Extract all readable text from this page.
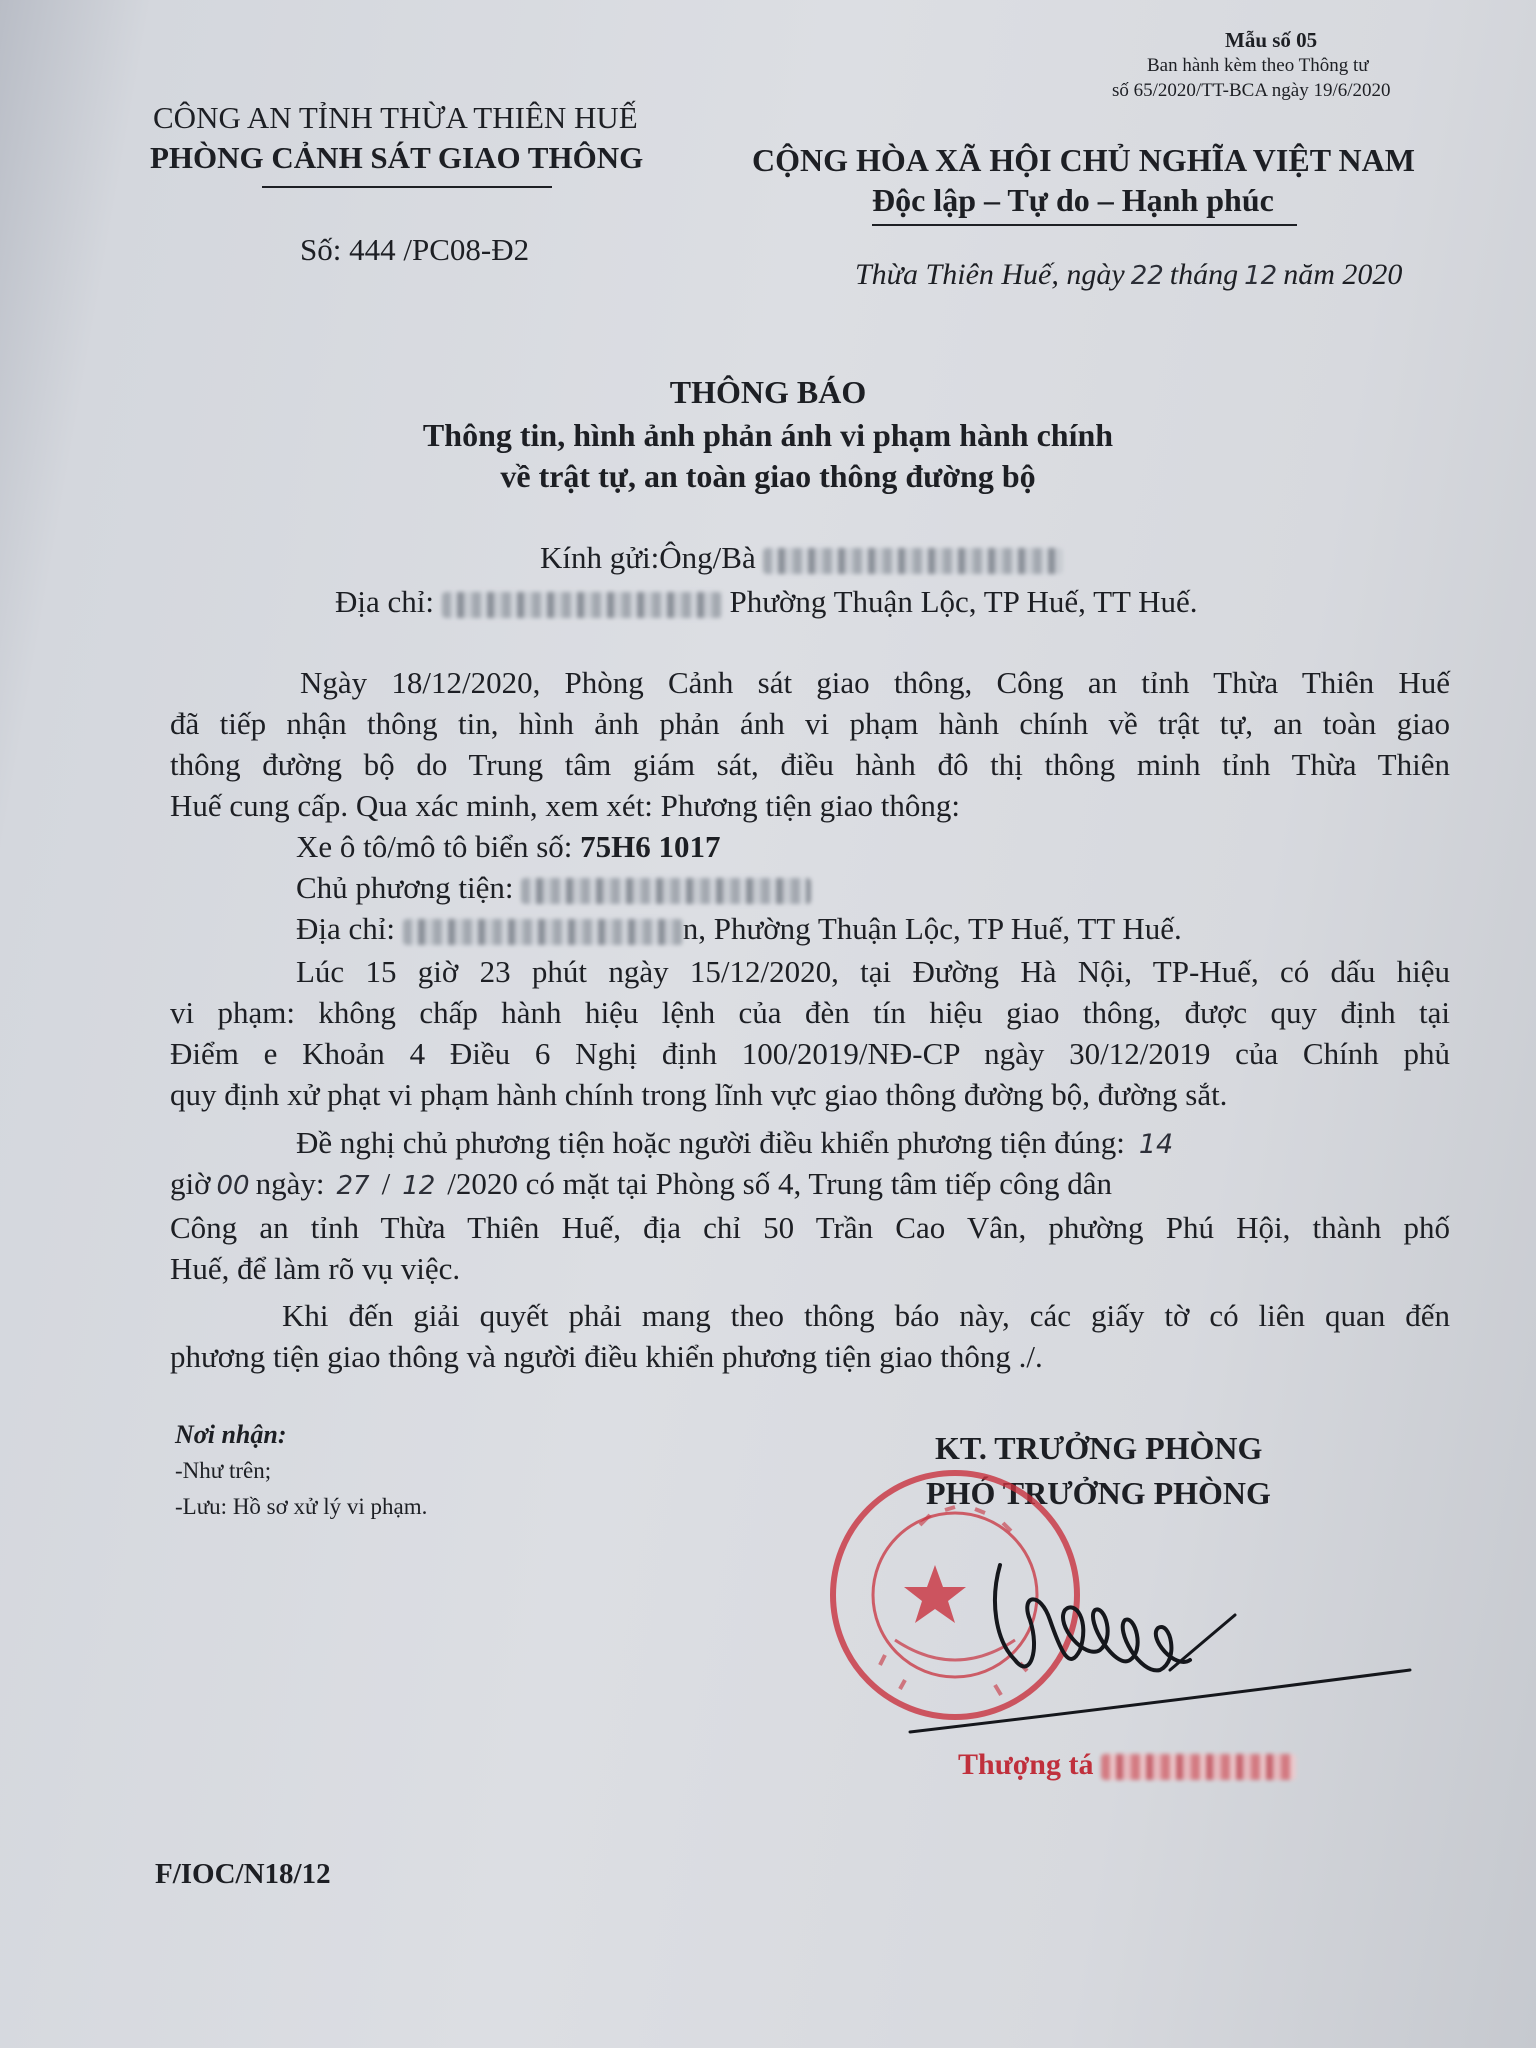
Mẫu số 05
Ban hành kèm theo Thông tư
số 65/2020/TT-BCA ngày 19/6/2020
CÔNG AN TỈNH THỪA THIÊN HUẾ
PHÒNG CẢNH SÁT GIAO THÔNG
Số: 444 /PC08-Đ2
CỘNG HÒA XÃ HỘI CHỦ NGHĨA VIỆT NAM
Độc lập – Tự do – Hạnh phúc
Thừa Thiên Huế, ngày 22 tháng 12 năm 2020
THÔNG BÁO
Thông tin, hình ảnh phản ánh vi phạm hành chính
về trật tự, an toàn giao thông đường bộ
Kính gửi:Ông/Bà
Địa chỉ:	Phường Thuận Lộc, TP Huế, TT Huế.
Ngày 18/12/2020, Phòng Cảnh sát giao thông, Công an tỉnh Thừa Thiên Huế
đã tiếp nhận thông tin, hình ảnh phản ánh vi phạm hành chính về trật tự, an toàn giao
thông đường bộ do Trung tâm giám sát, điều hành đô thị thông minh tỉnh Thừa Thiên
Huế cung cấp. Qua xác minh, xem xét: Phương tiện giao thông:
Xe ô tô/mô tô biển số: 75H6 1017
Chủ phương tiện:
Địa chỉ:	n, Phường Thuận Lộc, TP Huế, TT Huế.
Lúc 15 giờ 23 phút ngày 15/12/2020, tại Đường Hà Nội, TP-Huế, có dấu hiệu
vi phạm: không chấp hành hiệu lệnh của đèn tín hiệu giao thông, được quy định tại
Điểm e Khoản 4 Điều 6 Nghị định 100/2019/NĐ-CP ngày 30/12/2019 của Chính phủ
quy định xử phạt vi phạm hành chính trong lĩnh vực giao thông đường bộ, đường sắt.
Đề nghị chủ phương tiện hoặc người điều khiển phương tiện đúng: 14
giờ 00 ngày: 27 / 12 /2020 có mặt tại Phòng số 4, Trung tâm tiếp công dân
Công an tỉnh Thừa Thiên Huế, địa chỉ 50 Trần Cao Vân, phường Phú Hội, thành phố
Huế, để làm rõ vụ việc.
Khi đến giải quyết phải mang theo thông báo này, các giấy tờ có liên quan đến
phương tiện giao thông và người điều khiển phương tiện giao thông ./.
Nơi nhận:
-Như trên;
-Lưu: Hồ sơ xử lý vi phạm.
KT. TRƯỞNG PHÒNG
PHÓ TRƯỞNG PHÒNG
Thượng tá
F/IOC/N18/12
